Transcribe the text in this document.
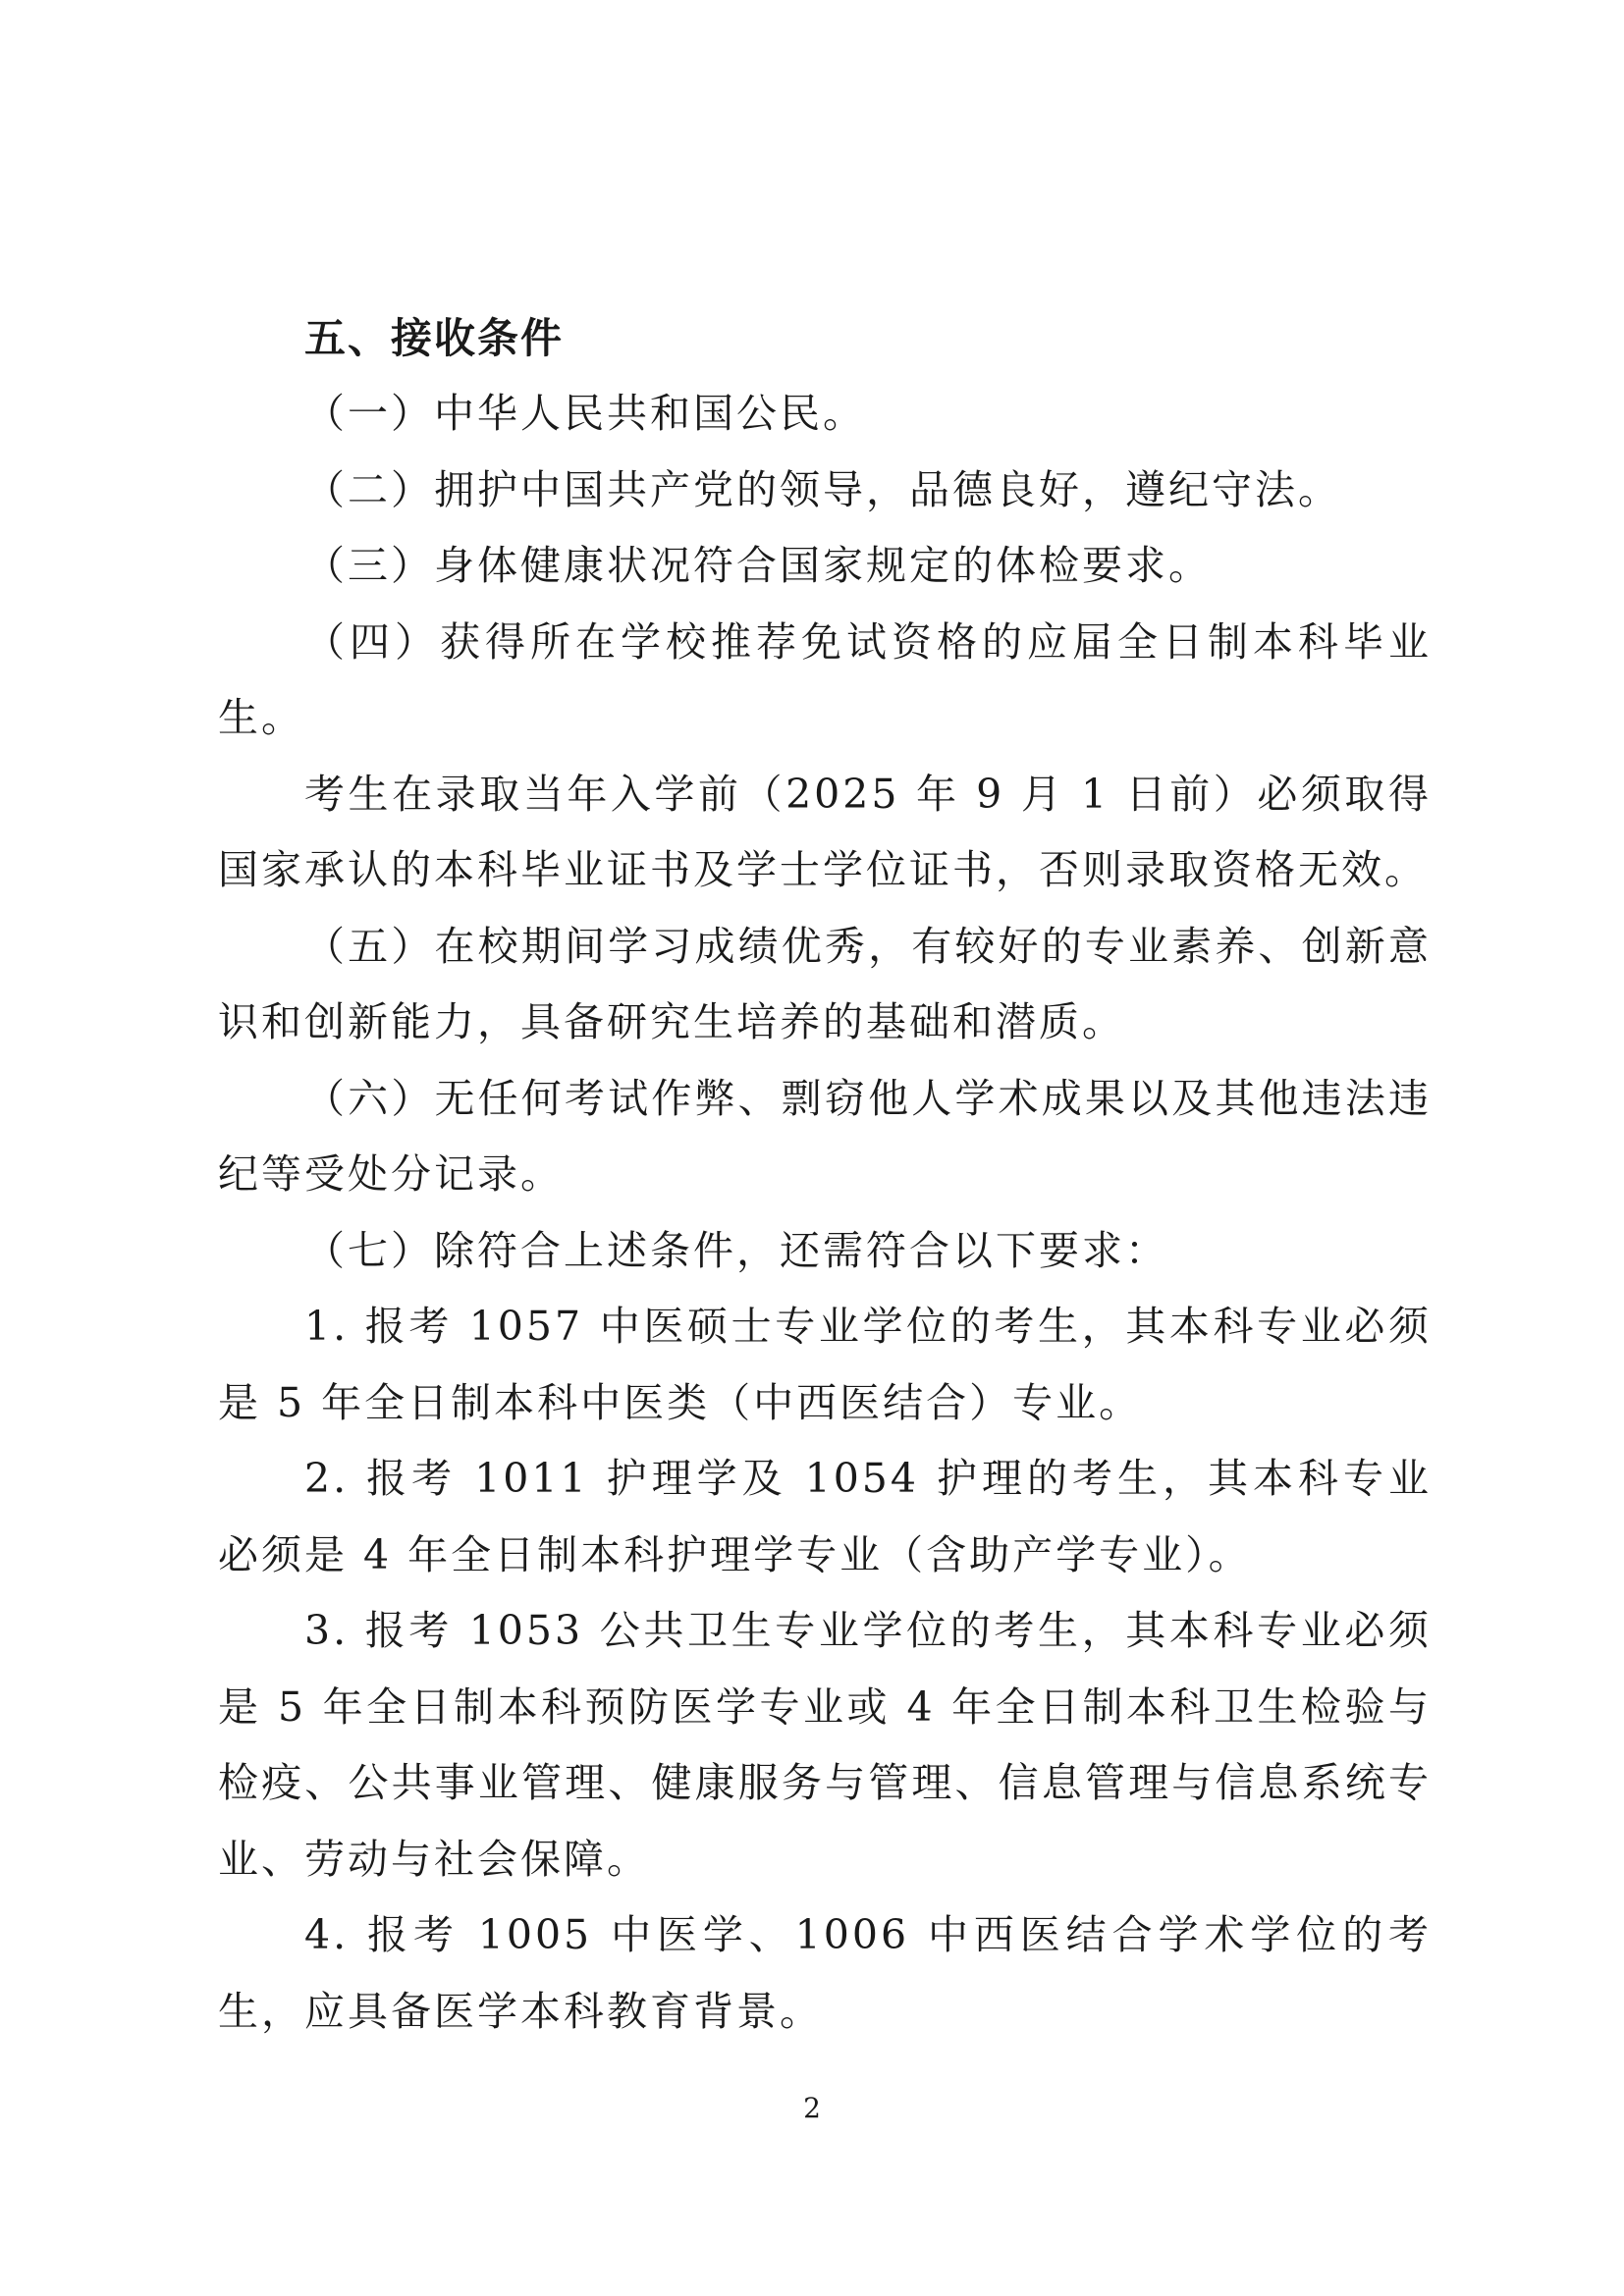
五、接收条件

（一）中华人民共和国公民。

（二）拥护中国共产党的领导，品德良好，遵纪守法。

（三）身体健康状况符合国家规定的体检要求。

（四）获得所在学校推荐免试资格的应届全日制本科毕业生。

考生在录取当年入学前（2025 年 9 月 1 日前）必须取得国家承认的本科毕业证书及学士学位证书，否则录取资格无效。

（五）在校期间学习成绩优秀，有较好的专业素养、创新意识和创新能力，具备研究生培养的基础和潜质。

（六）无任何考试作弊、剽窃他人学术成果以及其他违法违纪等受处分记录。

（七）除符合上述条件，还需符合以下要求：

1. 报考 1057 中医硕士专业学位的考生，其本科专业必须是 5 年全日制本科中医类（中西医结合）专业。

2. 报考 1011 护理学及 1054 护理的考生，其本科专业必须是 4 年全日制本科护理学专业（含助产学专业）。

3. 报考 1053 公共卫生专业学位的考生，其本科专业必须是 5 年全日制本科预防医学专业或 4 年全日制本科卫生检验与检疫、公共事业管理、健康服务与管理、信息管理与信息系统专业、劳动与社会保障。

4. 报考 1005 中医学、1006 中西医结合学术学位的考生，应具备医学本科教育背景。

2
